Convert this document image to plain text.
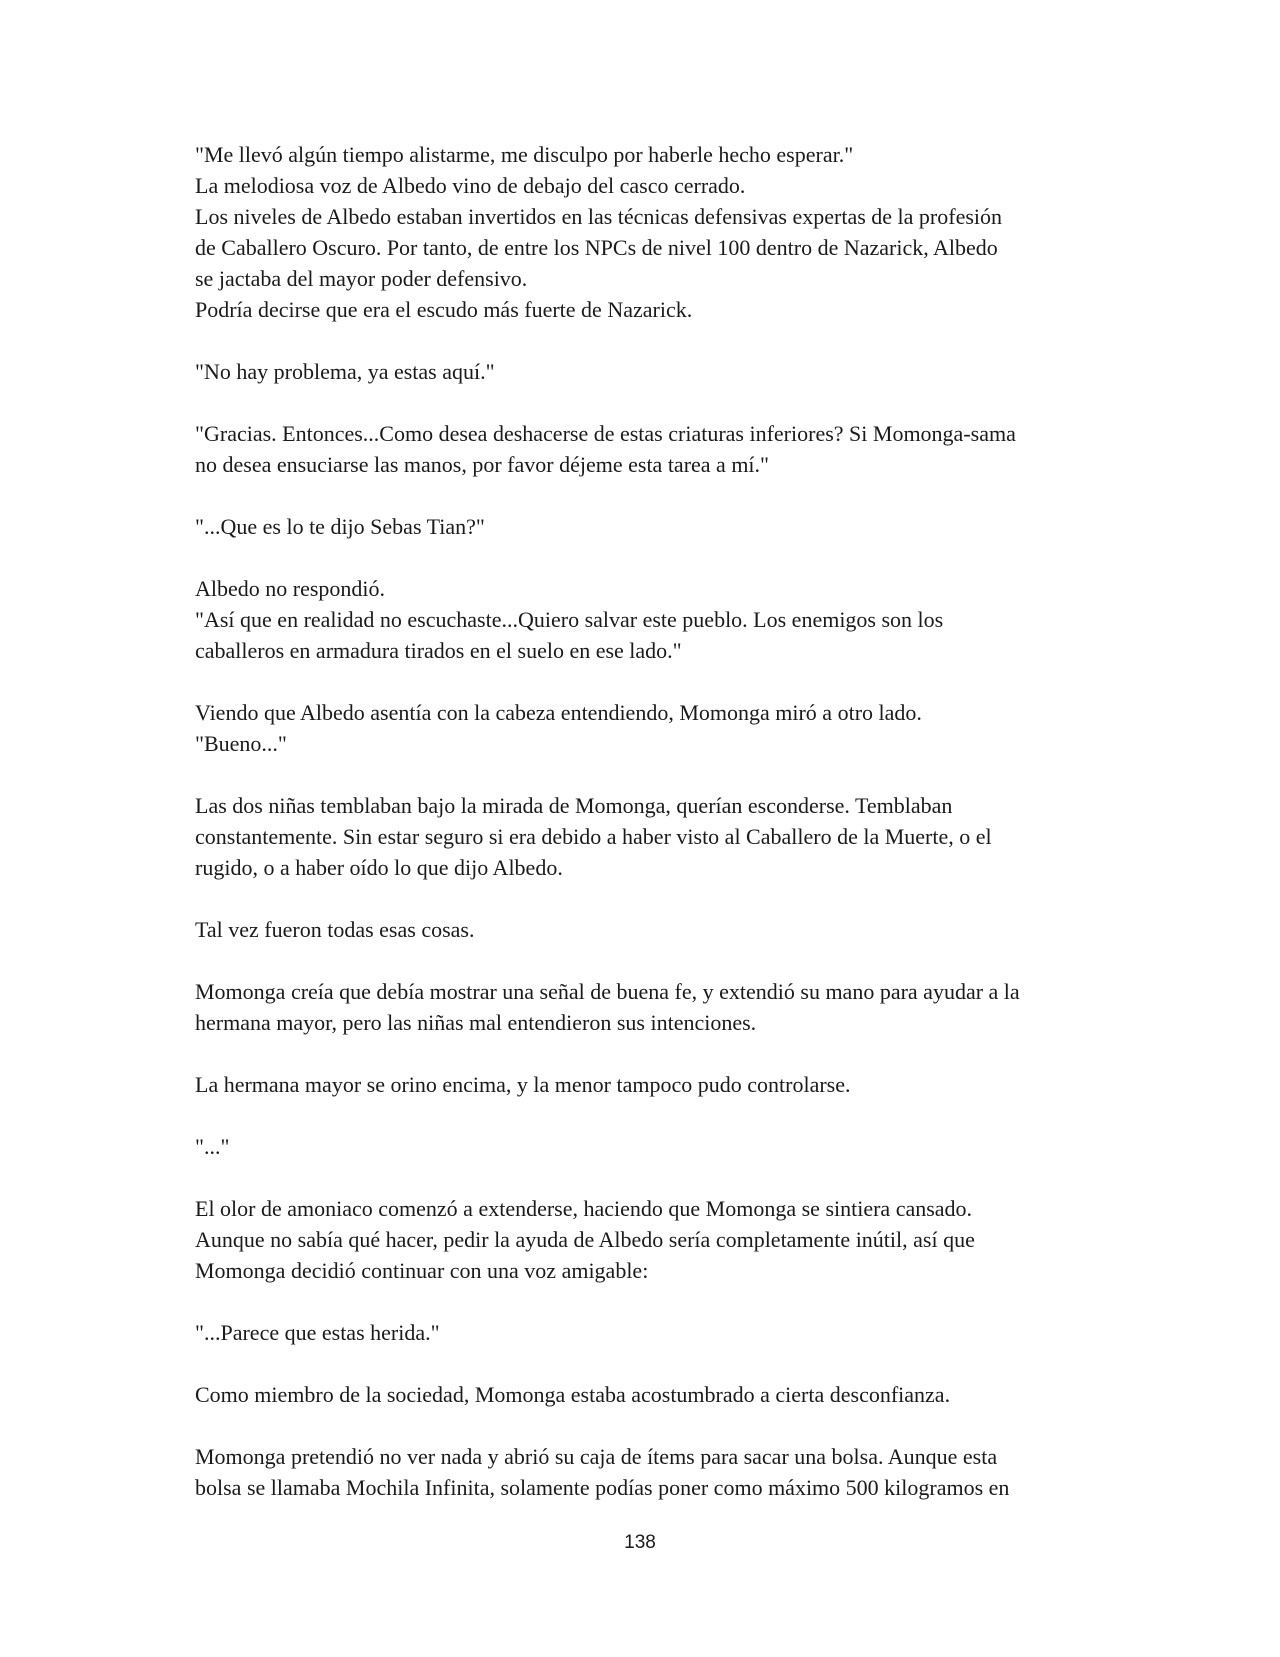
"Me llevó algún tiempo alistarme, me disculpo por haberle hecho esperar."
La melodiosa voz de Albedo vino de debajo del casco cerrado.
Los niveles de Albedo estaban invertidos en las técnicas defensivas expertas de la profesión
de Caballero Oscuro. Por tanto, de entre los NPCs de nivel 100 dentro de Nazarick, Albedo
se jactaba del mayor poder defensivo.
Podría decirse que era el escudo más fuerte de Nazarick.
"No hay problema, ya estas aquí."
"Gracias. Entonces...Como desea deshacerse de estas criaturas inferiores? Si Momonga-sama
no desea ensuciarse las manos, por favor déjeme esta tarea a mí."
"...Que es lo te dijo Sebas Tian?"
Albedo no respondió.
"Así que en realidad no escuchaste...Quiero salvar este pueblo. Los enemigos son los
caballeros en armadura tirados en el suelo en ese lado."
Viendo que Albedo asentía con la cabeza entendiendo, Momonga miró a otro lado.
"Bueno..."
Las dos niñas temblaban bajo la mirada de Momonga, querían esconderse. Temblaban
constantemente. Sin estar seguro si era debido a haber visto al Caballero de la Muerte, o el
rugido, o a haber oído lo que dijo Albedo.
Tal vez fueron todas esas cosas.
Momonga creía que debía mostrar una señal de buena fe, y extendió su mano para ayudar a la
hermana mayor, pero las niñas mal entendieron sus intenciones.
La hermana mayor se orino encima, y la menor tampoco pudo controlarse.
"..."
El olor de amoniaco comenzó a extenderse, haciendo que Momonga se sintiera cansado.
Aunque no sabía qué hacer, pedir la ayuda de Albedo sería completamente inútil, así que
Momonga decidió continuar con una voz amigable:
"...Parece que estas herida."
Como miembro de la sociedad, Momonga estaba acostumbrado a cierta desconfianza.
Momonga pretendió no ver nada y abrió su caja de ítems para sacar una bolsa. Aunque esta
bolsa se llamaba Mochila Infinita, solamente podías poner como máximo 500 kilogramos en
138
